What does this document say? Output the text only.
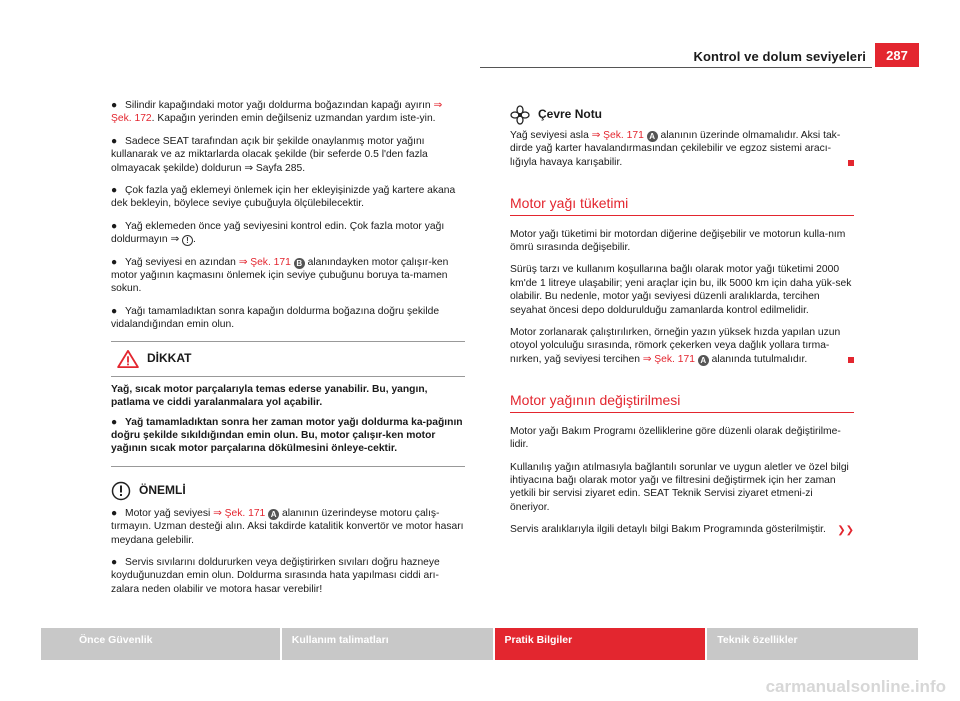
Kontrol ve dolum seviyeleri	287

● Silindir kapağındaki motor yağı doldurma boğazından kapağı ayırın ⇒ Şek. 172. Kapağın yerinden emin değilseniz uzmandan yardım iste-yin.

● Sadece SEAT tarafından açık bir şekilde onaylanmış motor yağını kullanarak ve az miktarlarda olacak şekilde (bir seferde 0.5 l'den fazla olmayacak şekilde) doldurun ⇒ Sayfa 285.

● Çok fazla yağ eklemeyi önlemek için her ekleyişinizde yağ kartere akana dek bekleyin, böylece seviye çubuğuyla ölçülebilecektir.

● Yağ eklemeden önce yağ seviyesini kontrol edin. Çok fazla motor yağı doldurmayın ⇒ ! .

● Yağ seviyesi en azından ⇒ Şek. 171 B alanındayken motor çalışır-ken motor yağının kaçmasını önlemek için seviye çubuğunu boruya ta-mamen sokun.

● Yağı tamamladıktan sonra kapağın doldurma boğazına doğru şekilde vidalandığından emin olun.

DİKKAT

Yağ, sıcak motor parçalarıyla temas ederse yanabilir. Bu, yangın, patlama ve ciddi yaralanmalara yol açabilir.

● Yağ tamamladıktan sonra her zaman motor yağı doldurma ka-pağının doğru şekilde sıkıldığından emin olun. Bu, motor çalışır-ken motor yağının sıcak motor parçalarına dökülmesini önleye-cektir.

ÖNEMLİ

● Motor yağ seviyesi ⇒ Şek. 171 A alanının üzerindeyse motoru çalış-tırmayın. Uzman desteği alın. Aksi takdirde katalitik konvertör ve motor hasarı meydana gelebilir.

● Servis sıvılarını doldururken veya değiştirirken sıvıları doğru hazneye koyduğunuzdan emin olun. Doldurma sırasında hata yapılması ciddi arı-zalara neden olabilir ve motora hasar verebilir!

Çevre Notu

Yağ seviyesi asla ⇒ Şek. 171 A alanının üzerinde olmamalıdır. Aksi tak-dirde yağ karter havalandırmasından çekilebilir ve egzoz sistemi aracı-lığıyla havaya karışabilir.

Motor yağı tüketimi

Motor yağı tüketimi bir motordan diğerine değişebilir ve motorun kulla-nım ömrü sırasında değişebilir.

Sürüş tarzı ve kullanım koşullarına bağlı olarak motor yağı tüketimi 2000 km'de 1 litreye ulaşabilir; yeni araçlar için bu, ilk 5000 km için daha yük-sek olabilir. Bu nedenle, motor yağı seviyesi düzenli aralıklarda, tercihen seyahat öncesi depo doldurulduğu zamanlarda kontrol edilmelidir.

Motor zorlanarak çalıştırılırken, örneğin yazın yüksek hızda yapılan uzun otoyol yolculuğu sırasında, römork çekerken veya dağlık yollara tırma-nırken, yağ seviyesi tercihen ⇒ Şek. 171 A alanında tutulmalıdır.

Motor yağının değiştirilmesi

Motor yağı Bakım Programı özelliklerine göre düzenli olarak değiştirilme-lidir.

Kullanılış yağın atılmasıyla bağlantılı sorunlar ve uygun aletler ve özel bilgi ihtiyacına bağı olarak motor yağı ve filtresini değiştirmek için her zaman yetkili bir servisi ziyaret edin. SEAT Teknik Servisi ziyaret etmeni-zi öneriyor.

Servis aralıklarıyla ilgili detaylı bilgi Bakım Programında gösterilmiştir. ❯❯

Önce Güvenlik	Kullanım talimatları	Pratik Bilgiler	Teknik özellikler
carmanualsonline.info
